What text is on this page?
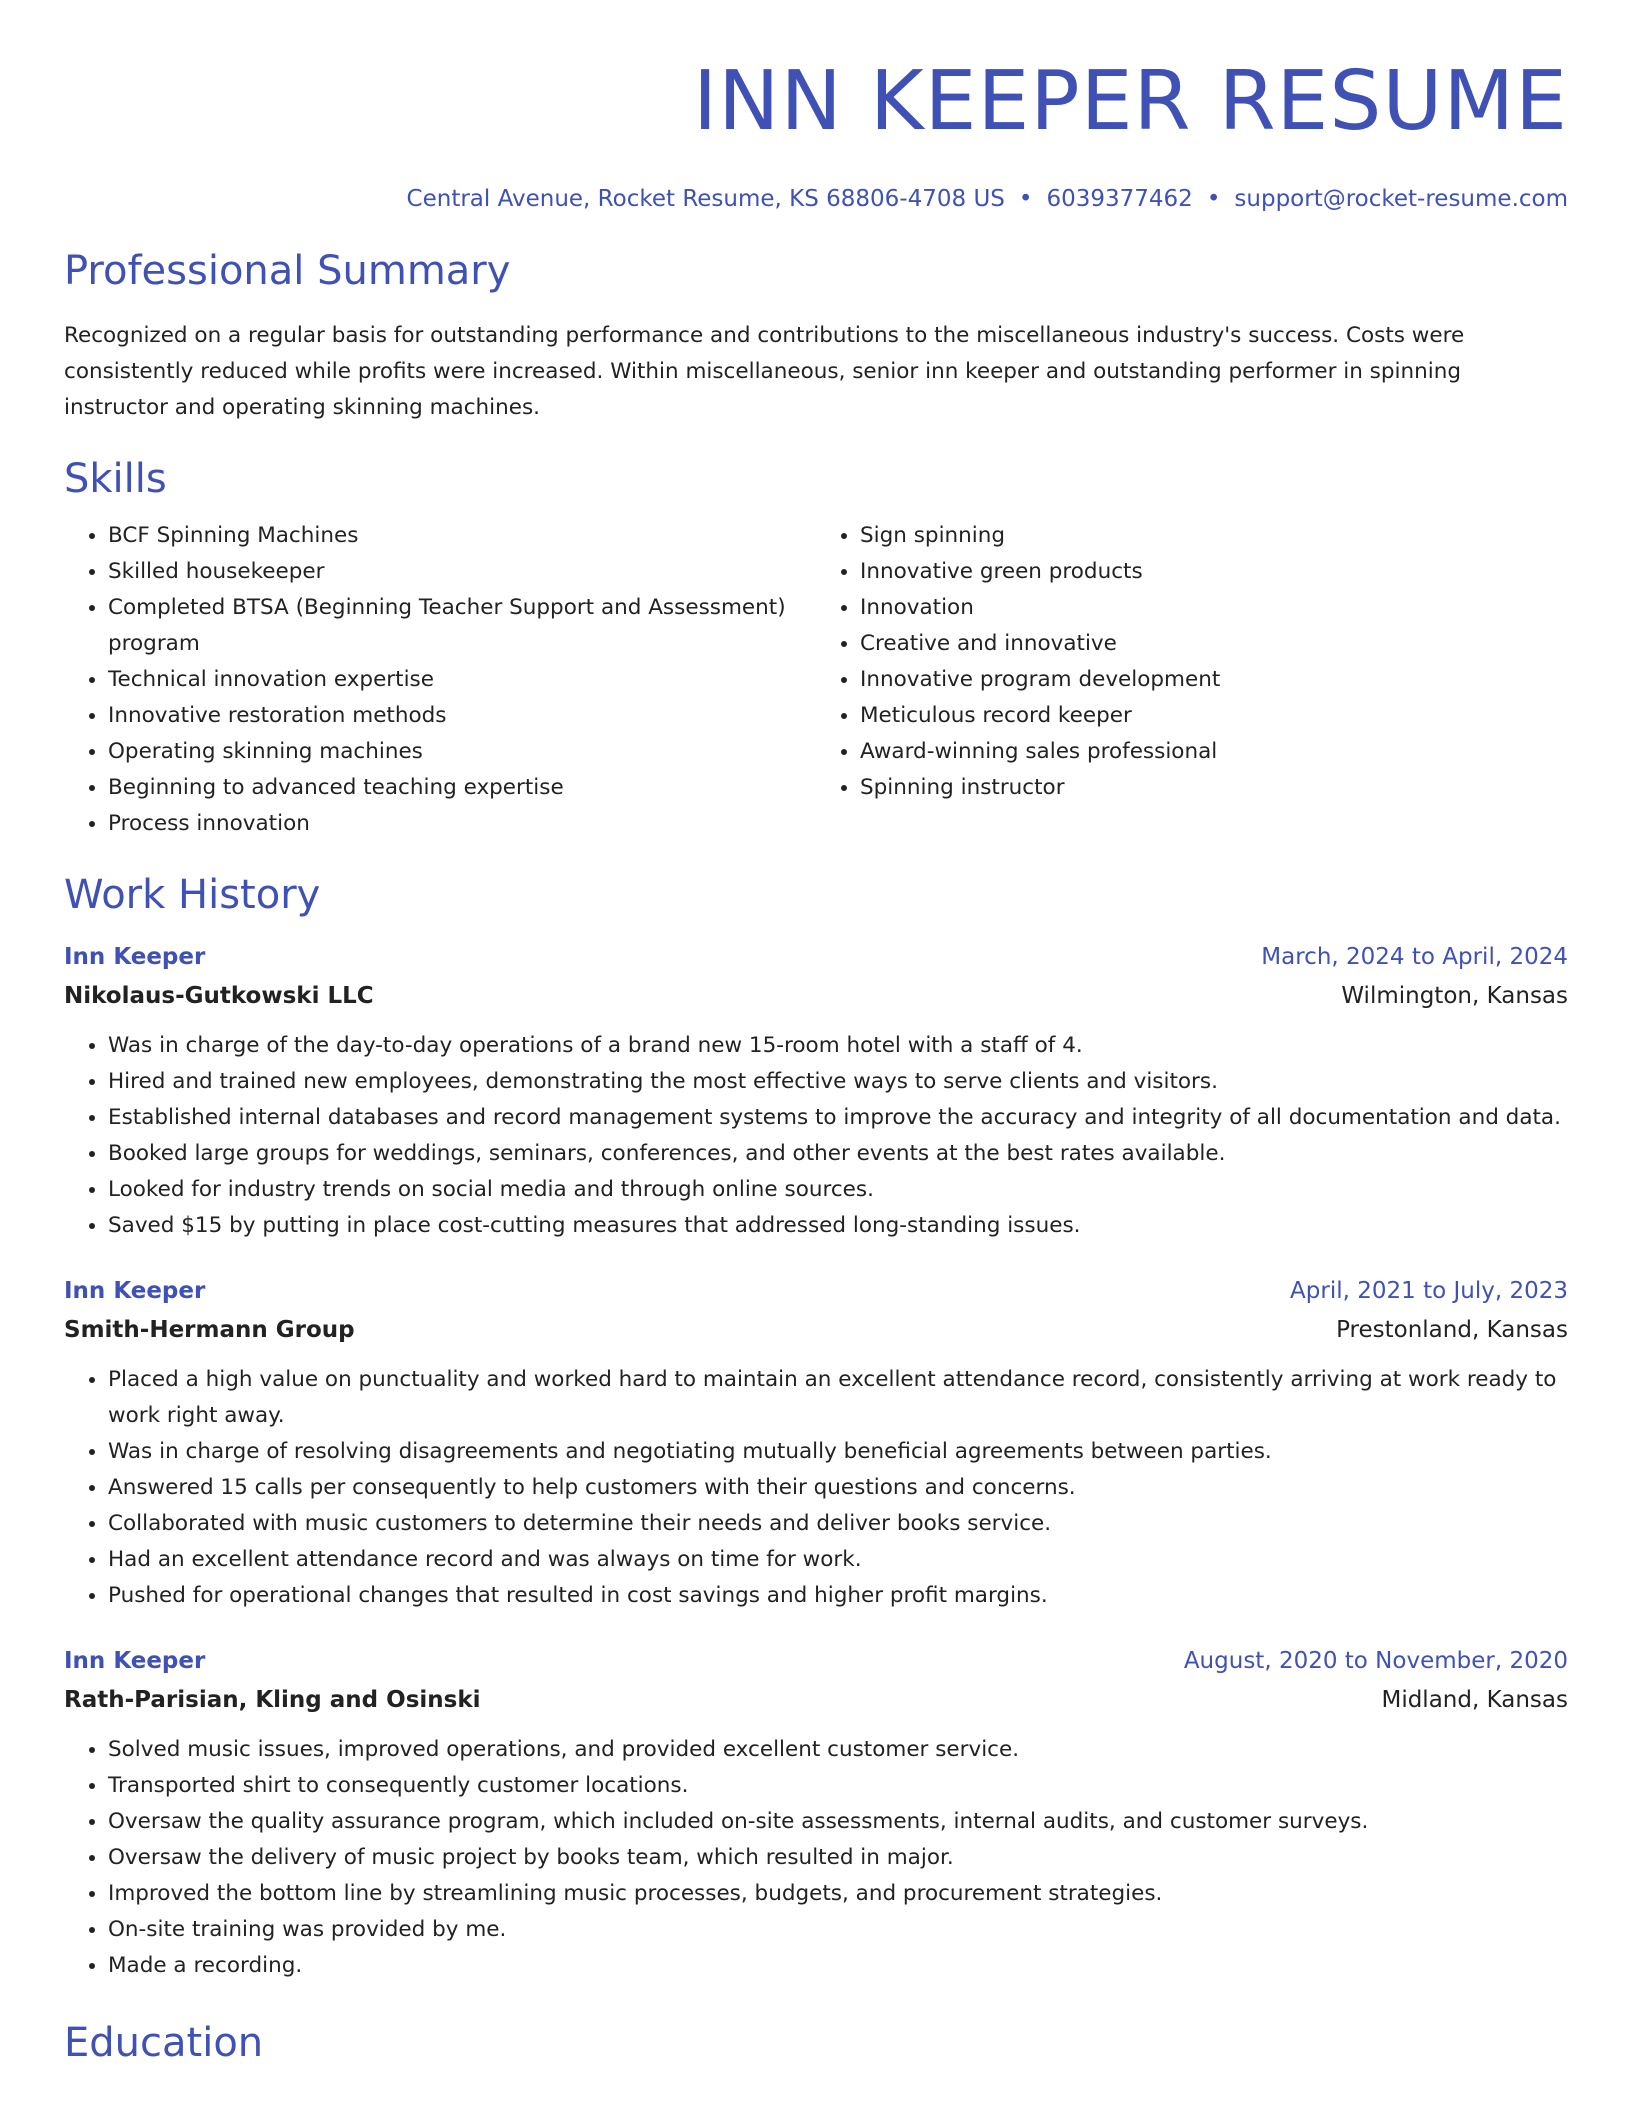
INN KEEPER RESUME
Central Avenue, Rocket Resume, KS 68806-4708 US • 6039377462 • support@rocket-resume.com
Professional Summary

Recognized on a regular basis for outstanding performance and contributions to the miscellaneous industry's success. Costs were consistently reduced while profits were increased. Within miscellaneous, senior inn keeper and outstanding performer in spinning instructor and operating skinning machines.

Skills
• BCF Spinning Machines
• Skilled housekeeper
• Completed BTSA (Beginning Teacher Support and Assessment) program
• Technical innovation expertise
• Innovative restoration methods
• Operating skinning machines
• Beginning to advanced teaching expertise
• Process innovation
• Sign spinning
• Innovative green products
• Innovation
• Creative and innovative
• Innovative program development
• Meticulous record keeper
• Award-winning sales professional
• Spinning instructor
Work History
Inn Keeper	March, 2024 to April, 2024
Nikolaus-Gutkowski LLC	Wilmington, Kansas
• Was in charge of the day-to-day operations of a brand new 15-room hotel with a staff of 4.
• Hired and trained new employees, demonstrating the most effective ways to serve clients and visitors.
• Established internal databases and record management systems to improve the accuracy and integrity of all documentation and data.
• Booked large groups for weddings, seminars, conferences, and other events at the best rates available.
• Looked for industry trends on social media and through online sources.
• Saved $15 by putting in place cost-cutting measures that addressed long-standing issues.
Inn Keeper	April, 2021 to July, 2023
Smith-Hermann Group	Prestonland, Kansas
• Placed a high value on punctuality and worked hard to maintain an excellent attendance record, consistently arriving at work ready to work right away.
• Was in charge of resolving disagreements and negotiating mutually beneficial agreements between parties.
• Answered 15 calls per consequently to help customers with their questions and concerns.
• Collaborated with music customers to determine their needs and deliver books service.
• Had an excellent attendance record and was always on time for work.
• Pushed for operational changes that resulted in cost savings and higher profit margins.
Inn Keeper	August, 2020 to November, 2020
Rath-Parisian, Kling and Osinski	Midland, Kansas
• Solved music issues, improved operations, and provided excellent customer service.
• Transported shirt to consequently customer locations.
• Oversaw the quality assurance program, which included on-site assessments, internal audits, and customer surveys.
• Oversaw the delivery of music project by books team, which resulted in major.
• Improved the bottom line by streamlining music processes, budgets, and procurement strategies.
• On-site training was provided by me.
• Made a recording.
Education
